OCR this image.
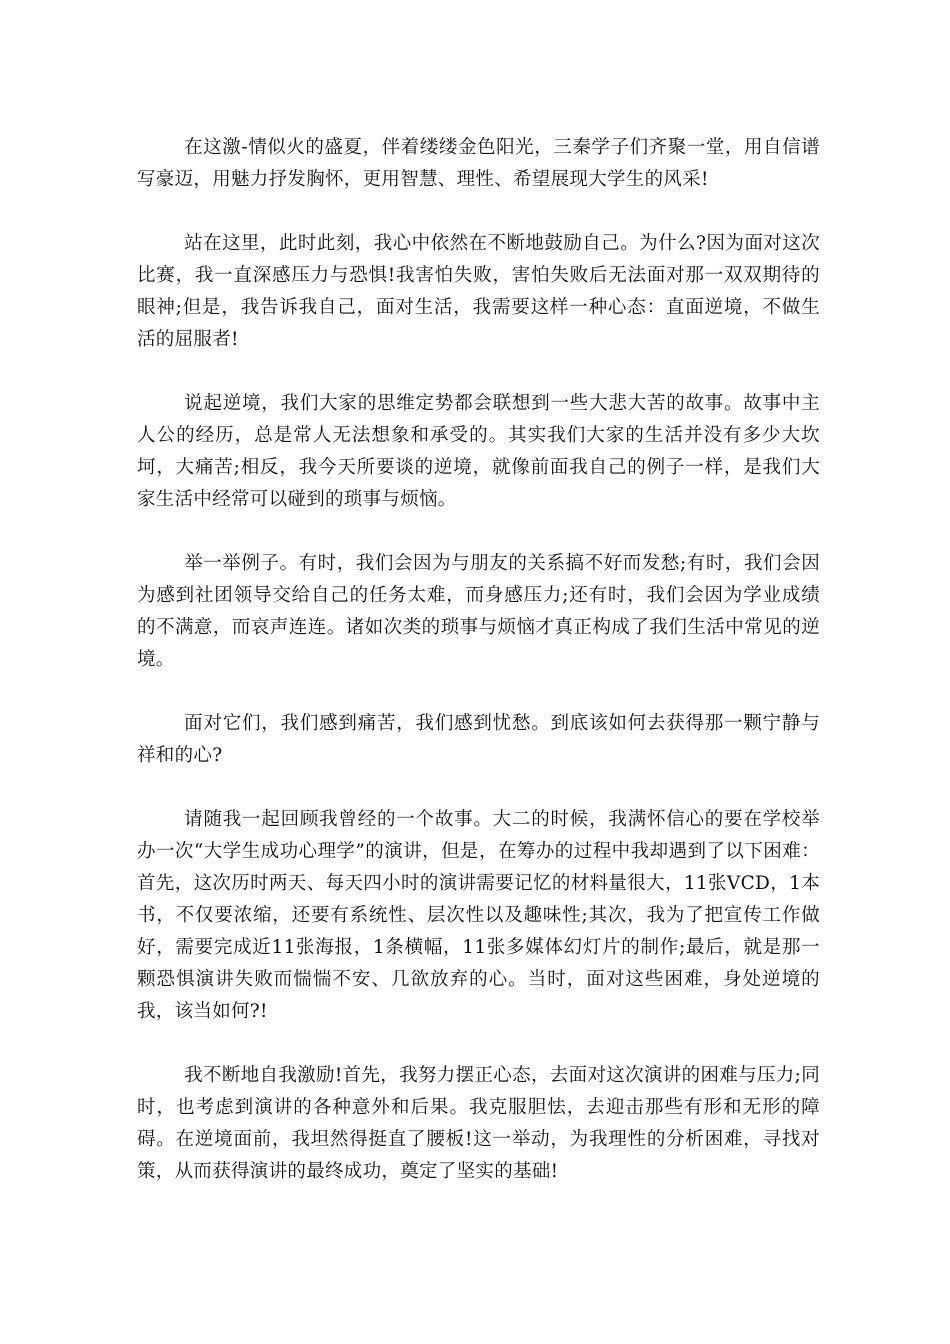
在这激-情似火的盛夏，伴着缕缕金色阳光，三秦学子们齐聚一堂，用自信谱写豪迈，用魅力抒发胸怀，更用智慧、理性、希望展现大学生的风采!

站在这里，此时此刻，我心中依然在不断地鼓励自己。为什么?因为面对这次比赛，我一直深感压力与恐惧!我害怕失败，害怕失败后无法面对那一双双期待的眼神;但是，我告诉我自己，面对生活，我需要这样一种心态：直面逆境，不做生活的屈服者!

说起逆境，我们大家的思维定势都会联想到一些大悲大苦的故事。故事中主人公的经历，总是常人无法想象和承受的。其实我们大家的生活并没有多少大坎坷，大痛苦;相反，我今天所要谈的逆境，就像前面我自己的例子一样，是我们大家生活中经常可以碰到的琐事与烦恼。

举一举例子。有时，我们会因为与朋友的关系搞不好而发愁;有时，我们会因为感到社团领导交给自己的任务太难，而身感压力;还有时，我们会因为学业成绩的不满意，而哀声连连。诸如次类的琐事与烦恼才真正构成了我们生活中常见的逆境。

面对它们，我们感到痛苦，我们感到忧愁。到底该如何去获得那一颗宁静与祥和的心?

请随我一起回顾我曾经的一个故事。大二的时候，我满怀信心的要在学校举办一次“大学生成功心理学”的演讲，但是，在筹办的过程中我却遇到了以下困难：首先，这次历时两天、每天四小时的演讲需要记忆的材料量很大，11张VCD，1本书，不仅要浓缩，还要有系统性、层次性以及趣味性;其次，我为了把宣传工作做好，需要完成近11张海报，1条横幅，11张多媒体幻灯片的制作;最后，就是那一颗恐惧演讲失败而惴惴不安、几欲放弃的心。当时，面对这些困难，身处逆境的我，该当如何?!

我不断地自我激励!首先，我努力摆正心态，去面对这次演讲的困难与压力;同时，也考虑到演讲的各种意外和后果。我克服胆怯，去迎击那些有形和无形的障碍。在逆境面前，我坦然得挺直了腰板!这一举动，为我理性的分析困难，寻找对策，从而获得演讲的最终成功，奠定了坚实的基础!
